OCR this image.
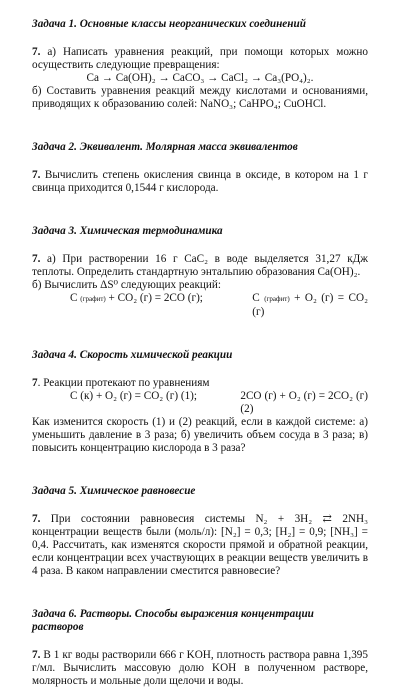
Задача 1. Основные классы неорганических соединений

7. а) Написать уравнения реакций, при помощи которых можно осуществить следующие превращения:
Ca → Ca(OH)₂ → CaCO₃ → CaCl₂ → Ca₃(PO₄)₂.
б) Составить уравнения реакций между кислотами и основаниями, приводящих к образованию солей: NaNO₃; CaHPO₄; CuOHCl.

Задача 2. Эквивалент. Молярная масса эквивалентов

7. Вычислить степень окисления свинца в оксиде, в котором на 1 г свинца приходится 0,1544 г кислорода.

Задача 3. Химическая термодинамика

7. а) При растворении 16 г CaC₂ в воде выделяется 31,27 кДж теплоты. Определить стандартную энтальпию образования Ca(OH)₂.
б) Вычислить ΔS⁰ следующих реакций:
C (графит) + CO₂ (г) = 2CO (г);	C (графит) + O₂ (г) = CO₂ (г)

Задача 4. Скорость химической реакции

7. Реакции протекают по уравнениям
С (к) + O₂ (г) = CO₂ (г) (1);	2CO (г) + O₂ (г) = 2CO₂ (г) (2)
Как изменится скорость (1) и (2) реакций, если в каждой системе: а) уменьшить давление в 3 раза; б) увеличить объем сосуда в 3 раза; в) повысить концентрацию кислорода в 3 раза?

Задача 5. Химическое равновесие

7. При состоянии равновесия системы N₂ + 3H₂ ⇄ 2NH₃ концентрации веществ были (моль/л): [N₂] = 0,3; [H₂] = 0,9; [NH₃] = 0,4. Рассчитать, как изменятся скорости прямой и обратной реакции, если концентрации всех участвующих в реакции веществ увеличить в 4 раза. В каком направлении сместится равновесие?

Задача 6. Растворы. Способы выражения концентрации растворов

7. В 1 кг воды растворили 666 г KOH, плотность раствора равна 1,395 г/мл. Вычислить массовую долю KOH в полученном растворе, молярность и мольные доли щелочи и воды.
